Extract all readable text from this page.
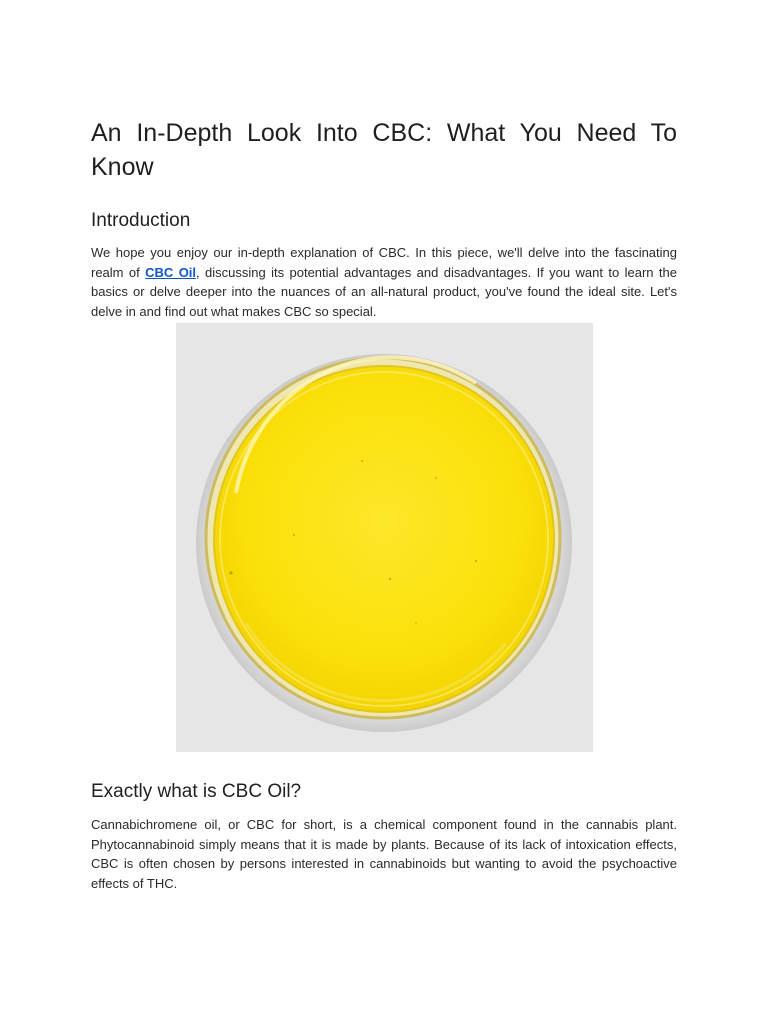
An In-Depth Look Into CBC: What You Need To Know
Introduction

We hope you enjoy our in-depth explanation of CBC. In this piece, we'll delve into the fascinating realm of CBC Oil, discussing its potential advantages and disadvantages. If you want to learn the basics or delve deeper into the nuances of an all-natural product, you've found the ideal site. Let's delve in and find out what makes CBC so special.

Exactly what is CBC Oil?

Cannabichromene oil, or CBC for short, is a chemical component found in the cannabis plant. Phytocannabinoid simply means that it is made by plants. Because of its lack of intoxication effects, CBC is often chosen by persons interested in cannabinoids but wanting to avoid the psychoactive effects of THC.
